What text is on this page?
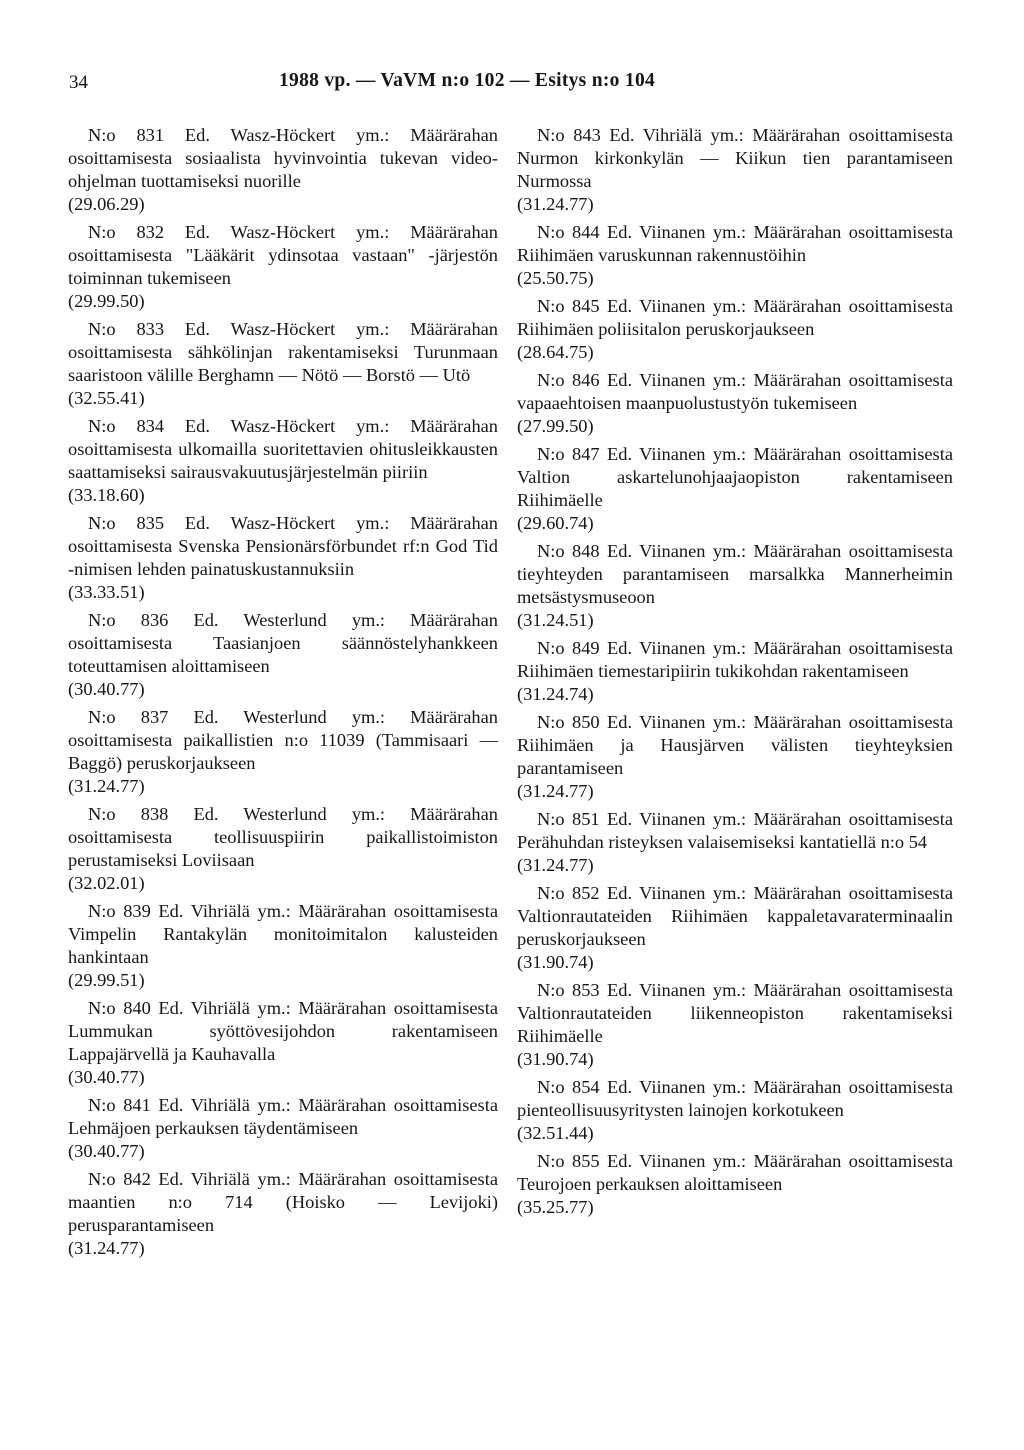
34	1988 vp. — VaVM n:o 102 — Esitys n:o 104

N:o 831 Ed. Wasz-Höckert ym.: Määrärahan osoittamisesta sosiaalista hyvinvointia tukevan video-ohjelman tuottamiseksi nuorille
(29.06.29)

N:o 832 Ed. Wasz-Höckert ym.: Määrärahan osoittamisesta "Lääkärit ydinsotaa vastaan" -järjestön toiminnan tukemiseen
(29.99.50)

N:o 833 Ed. Wasz-Höckert ym.: Määrärahan osoittamisesta sähkölinjan rakentamiseksi Turunmaan saaristoon välille Berghamn — Nötö — Borstö — Utö
(32.55.41)

N:o 834 Ed. Wasz-Höckert ym.: Määrärahan osoittamisesta ulkomailla suoritettavien ohitusleikkausten saattamiseksi sairausvakuutusjärjestelmän piiriin
(33.18.60)

N:o 835 Ed. Wasz-Höckert ym.: Määrärahan osoittamisesta Svenska Pensionärsförbundet rf:n God Tid -nimisen lehden painatuskustannuksiin
(33.33.51)

N:o 836 Ed. Westerlund ym.: Määrärahan osoittamisesta Taasianjoen säännöstelyhankkeen toteuttamisen aloittamiseen
(30.40.77)

N:o 837 Ed. Westerlund ym.: Määrärahan osoittamisesta paikallistien n:o 11039 (Tammisaari — Baggö) peruskorjaukseen
(31.24.77)

N:o 838 Ed. Westerlund ym.: Määrärahan osoittamisesta teollisuuspiirin paikallistoimiston perustamiseksi Loviisaan
(32.02.01)

N:o 839 Ed. Vihriälä ym.: Määrärahan osoittamisesta Vimpelin Rantakylän monitoimitalon kalusteiden hankintaan
(29.99.51)

N:o 840 Ed. Vihriälä ym.: Määrärahan osoittamisesta Lummukan syöttövesijohdon rakentamiseen Lappajärvellä ja Kauhavalla
(30.40.77)

N:o 841 Ed. Vihriälä ym.: Määrärahan osoittamisesta Lehmäjoen perkauksen täydentämiseen
(30.40.77)

N:o 842 Ed. Vihriälä ym.: Määrärahan osoittamisesta maantien n:o 714 (Hoisko — Levijoki) perusparantamiseen
(31.24.77)

N:o 843 Ed. Vihriälä ym.: Määrärahan osoittamisesta Nurmon kirkonkylän — Kiikun tien parantamiseen Nurmossa
(31.24.77)

N:o 844 Ed. Viinanen ym.: Määrärahan osoittamisesta Riihimäen varuskunnan rakennustöihin
(25.50.75)

N:o 845 Ed. Viinanen ym.: Määrärahan osoittamisesta Riihimäen poliisitalon peruskorjaukseen
(28.64.75)

N:o 846 Ed. Viinanen ym.: Määrärahan osoittamisesta vapaaehtoisen maanpuolustustyön tukemiseen
(27.99.50)

N:o 847 Ed. Viinanen ym.: Määrärahan osoittamisesta Valtion askartelunohjaajaopiston rakentamiseen Riihimäelle
(29.60.74)

N:o 848 Ed. Viinanen ym.: Määrärahan osoittamisesta tieyhteyden parantamiseen marsalkka Mannerheimin metsästysmuseoon
(31.24.51)

N:o 849 Ed. Viinanen ym.: Määrärahan osoittamisesta Riihimäen tiemestaripiirin tukikohdan rakentamiseen
(31.24.74)

N:o 850 Ed. Viinanen ym.: Määrärahan osoittamisesta Riihimäen ja Hausjärven välisten tieyhteyksien parantamiseen
(31.24.77)

N:o 851 Ed. Viinanen ym.: Määrärahan osoittamisesta Perähuhdan risteyksen valaisemiseksi kantatiellä n:o 54
(31.24.77)

N:o 852 Ed. Viinanen ym.: Määrärahan osoittamisesta Valtionrautateiden Riihimäen kappaletavaraterminaalin peruskorjaukseen
(31.90.74)

N:o 853 Ed. Viinanen ym.: Määrärahan osoittamisesta Valtionrautateiden liikenneopiston rakentamiseksi Riihimäelle
(31.90.74)

N:o 854 Ed. Viinanen ym.: Määrärahan osoittamisesta pienteollisuusyritysten lainojen korkotukeen
(32.51.44)

N:o 855 Ed. Viinanen ym.: Määrärahan osoittamisesta Teurojoen perkauksen aloittamiseen
(35.25.77)
